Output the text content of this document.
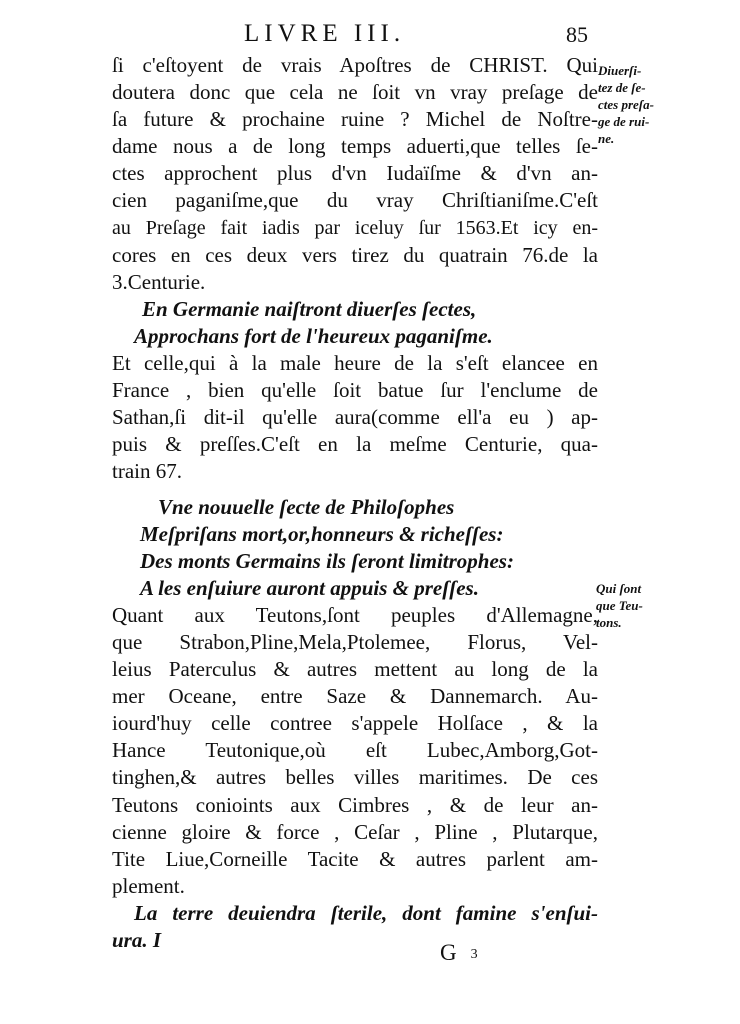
LIVRE III.	85
ſi c'eſtoyent de vrais Apoſtres de CHRIST. Qui
doutera donc que cela ne ſoit vn vray preſage de
ſa future & prochaine ruine ? Michel de Noſtre-
dame nous a de long temps aduerti,que telles ſe-
ctes approchent plus d'vn Iudaïſme & d'vn an-
cien paganiſme,que du vray Chriſtianiſme.C'eſt
au Preſage fait iadis par iceluy ſur 1563.Et icy en-
cores en ces deux vers tirez du quatrain 76.de la
3.Centurie.
En Germanie naiſtront diuerſes ſectes,
Approchans fort de l'heureux paganiſme.
Et celle,qui à la male heure de la s'eſt elancee en
France , bien qu'elle ſoit batue ſur l'enclume de
Sathan,ſi dit-il qu'elle aura(comme ell'a eu ) ap-
puis & preſſes.C'eſt en la meſme Centurie, qua-
train 67.
Vne nouuelle ſecte de Philoſophes
Meſpriſans mort,or,honneurs & richeſſes:
Des monts Germains ils ſeront limitrophes:
A les enſuiure auront appuis & preſſes.
Quant aux Teutons,ſont peuples d'Allemagne,
que Strabon,Pline,Mela,Ptolemee, Florus, Vel-
leius Paterculus & autres mettent au long de la
mer Oceane, entre Saze & Dannemarch. Au-
iourd'huy celle contree s'appele Holſace , & la
Hance Teutonique,où eſt Lubec,Amborg,Got-
tinghen,& autres belles villes maritimes. De ces
Teutons conioints aux Cimbres , & de leur an-
cienne gloire & force , Ceſar , Pline , Plutarque,
Tite Liue,Corneille Tacite & autres parlent am-
plement.
La terre deuiendra ſterile, dont famine s'enſui-
ura. I
Diuerſi-
tez de ſe-
ctes preſa-
ge de rui-
ne.
Qui ſont
que Teu-
tons.
G 3
